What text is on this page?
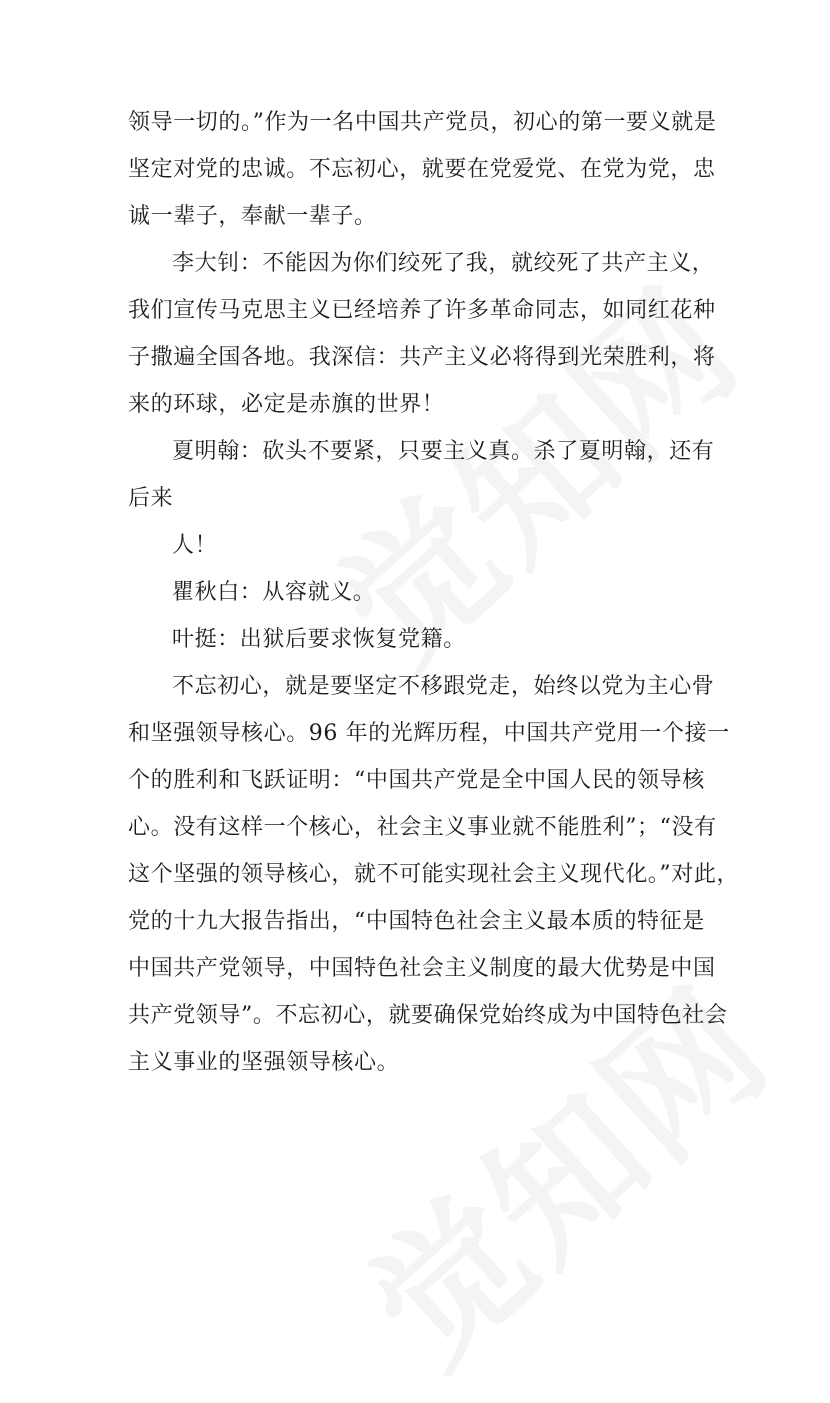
领导一切的。”作为一名中国共产党员，初心的第一要义就是
坚定对党的忠诚。不忘初心，就要在党爱党、在党为党，忠
诚一辈子，奉献一辈子。
李大钊：不能因为你们绞死了我，就绞死了共产主义，
我们宣传马克思主义已经培养了许多革命同志，如同红花种
子撒遍全国各地。我深信：共产主义必将得到光荣胜利，将
来的环球，必定是赤旗的世界！
夏明翰：砍头不要紧，只要主义真。杀了夏明翰，还有
后来
人！
瞿秋白：从容就义。
叶挺：出狱后要求恢复党籍。
不忘初心，就是要坚定不移跟党走，始终以党为主心骨
和坚强领导核心。96 年的光辉历程，中国共产党用一个接一
个的胜利和飞跃证明：“中国共产党是全中国人民的领导核
心。没有这样一个核心，社会主义事业就不能胜利”；“没有
这个坚强的领导核心，就不可能实现社会主义现代化。”对此，
党的十九大报告指出，“中国特色社会主义最本质的特征是
中国共产党领导，中国特色社会主义制度的最大优势是中国
共产党领导”。不忘初心，就要确保党始终成为中国特色社会
主义事业的坚强领导核心。
